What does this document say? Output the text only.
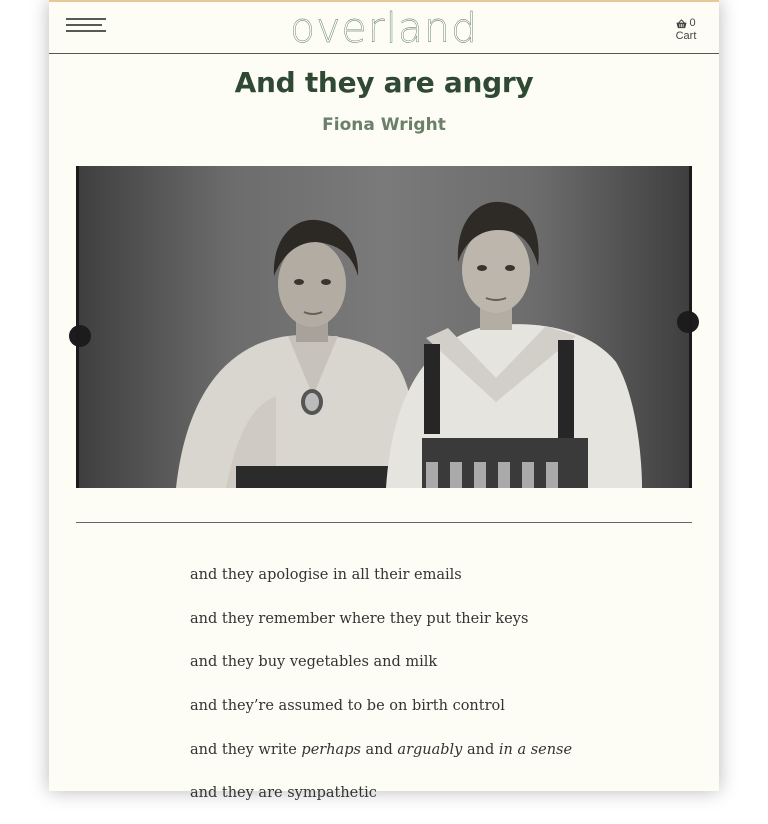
overland	0
Cart
And they are angry
Fiona Wright
and they apologise in all their emails
and they remember where they put their keys
and they buy vegetables and milk
and they’re assumed to be on birth control
and they write perhaps and arguably and in a sense
and they are sympathetic
